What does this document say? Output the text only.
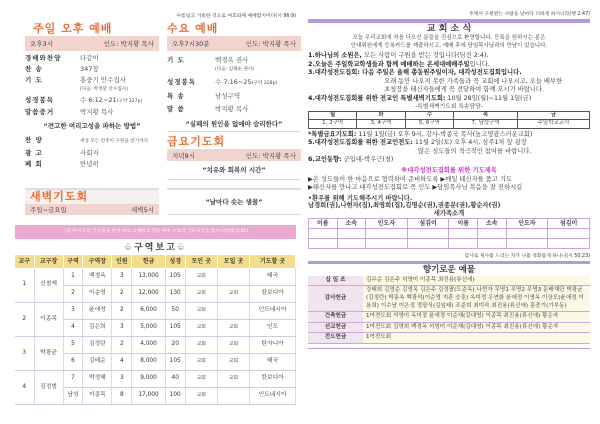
아름답고 거룩한 것으로 여호와께 예배할지어다(시 96:9)
주일 오후 예배
오후3시	인도: 박지황 목사
경배와찬양	다같이
찬 송	347장
기 도	홍중기 안수집사
(다음: 박정달 안수집사)
성경봉독	수 6:12~21(구약 327p)
말씀증거	박지황 목사
“견고한 여리고성을 파하는 방법”
찬 양	세상 모든 민족이 구원을 얻기까지
광 고	사회자
폐 회	안녕히
수요 예배
오후7시30분	인도: 박지황 목사
기 도	백경옥 권사
(다음: 김태순 권사)
성경봉독	수 7:16~25(구약 328p)
특 송	남성구역
말 씀	박지황 목사
“실패의 원인을 없애야 승리한다”
금요기도회
저녁9시	인도: 박지황 목사
“치유와 회복의 시간”
새벽기도회
주일~금요일	새벽5시
“날마다 솟는 샘물”
그들이 사도의 가르침을 받아 서로 교제하고 떡을 떼며 오로지 기도하기를 힘쓰니라(행 2:42)
♧구역보고♧
교구	교구장	구역	구역장	인원	헌금	성경	모인 곳	모일 곳	기도할 곳
1	신철재	1	백경옥	3	13,000	105	교회		태국
		2	이순영	2	12,000	130	교회	교회	캄보디아
2	이종목	3	윤애정	2	6,000	50	교회		인도네시아
		4	김은희	3	5,000	105	교회	교회	인도
3	박광균	5	김정란	2	4,000	20	교회	교회	탄자니아
		6	김태순	4	8,000	105	교회	교회	태국
4	김정범	7	박정혜	3	9,000	40	교회	교회	캄보디아
		남성	이종목	8	17,000	100	교회		인도네시아
주께서 구원받는 사람을 날마다 더하게 하시니라(행 2:47)
교 회 소 식
오늘 우리교회에 처음 나오신 분들을 진심으로 환영합니다. 등록을 원하시는 분은
안내위원에게 등록카드를 제출하시고, 예배 후에 담임목사님과의 만남이 있습니다.
1.하나님의 소원은, 모든 사람이 구원을 받는 것입니다(딤전 2:4).
2.오늘은 주일학교학생들과 함께 예배하는 온세대예배주일입니다.
3.대각성전도집회: 다음 주일은 올해 총동원주일이자, 대각성전도집회입니다.
오래 동안 나오지 못한 가족들과 꼭 교회에 나오시고, 오늘 배부한
초청장을 태신자들에게 꼭 전달하여 함께 오시기 바랍니다.
4.대각성전도집회를 위한 전교인 특별새벽기도회: 10월 28일(월)~11월 1일(금)
-특별새벽기도회 특송담당-
월	화	수	목	금
1, 2구역	3, 4구역	5, 6구역	7, 남성구역	주일학교교사
*특별금요기도회: 11월 1일(금) 오후 9시, 강사-박종국 목사(높고영광스러운교회)
5.대각성전도집회를 위한 전교인전도: 11월 2일(토) 오후 4시, 삼주1차 앞 광장
많은 성도들의 적극적인 참여를 바랍니다.
6.교인동향: 군입대-박우근(청)
※대각성전도집회를 위한 기도제목
▶온 성도들이 한 마음으로 협력하여 준비하도록 ▶매일 태신자를 품고 기도
▶태신자를 만나고 대각성전도집회로 꼭 인도 ▶담임목사님 복음을 잘 전하시길
•환우를 위해 기도해주시기 바랍니다.
남경희(권),나현자(집),최영희(집),김명순(권),권종분(권),황순자(권)
새가족소개
이름	소속	인도자	섬김이	이름	소속	인도자	섬김이

감사로 제사를 드리는 자가 나를 영화롭게 하나니(시 50:23)
향기로운 예물
십 일 조	김무순 김은주 석영미 이종목 최진용(류신애)
감사헌금	강태희 김영순 김영옥 김은주 김정팔(도준옥) 나현자 무명1 무명2 무명3 문배재단 박광균(김정란) 박홍옥 백광석(이순영 지훈 승훈) 옥미정 우연화 윤애정 이영옥 이상도(윤애정 이용희) 이수남 이은정 정광식(김임태) 조준희 최미숙 최진용(류신애) 홍중기(기부동)
건축헌금	1여전도회 석영미 옥미정 윤애정 이순재(김대영) 이종목 최진용(류신애) 황순자
선교헌금	1여전도회 김명희 백경옥 석영미 이순재(김대영) 이종목 최진용(류신애) 황순자
전도헌금	1여전도회
